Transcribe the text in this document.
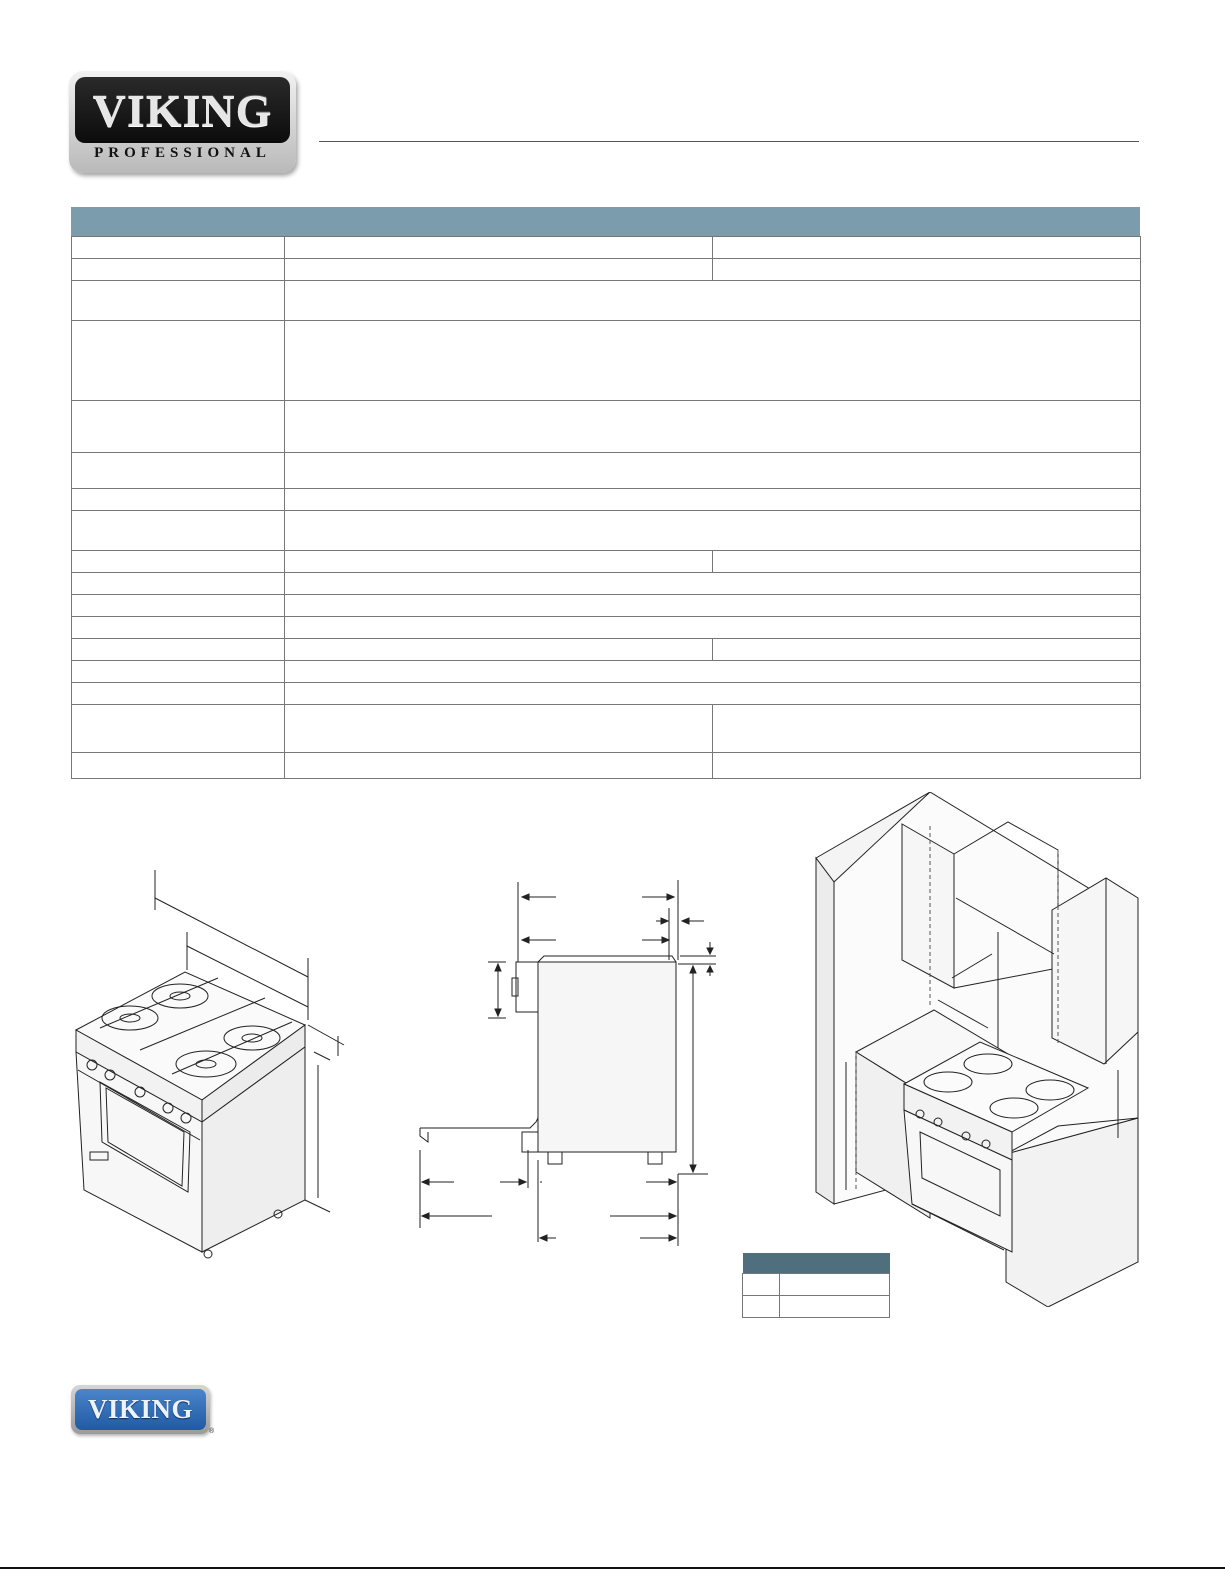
VIKING
PROFESSIONAL

VIKING
®
